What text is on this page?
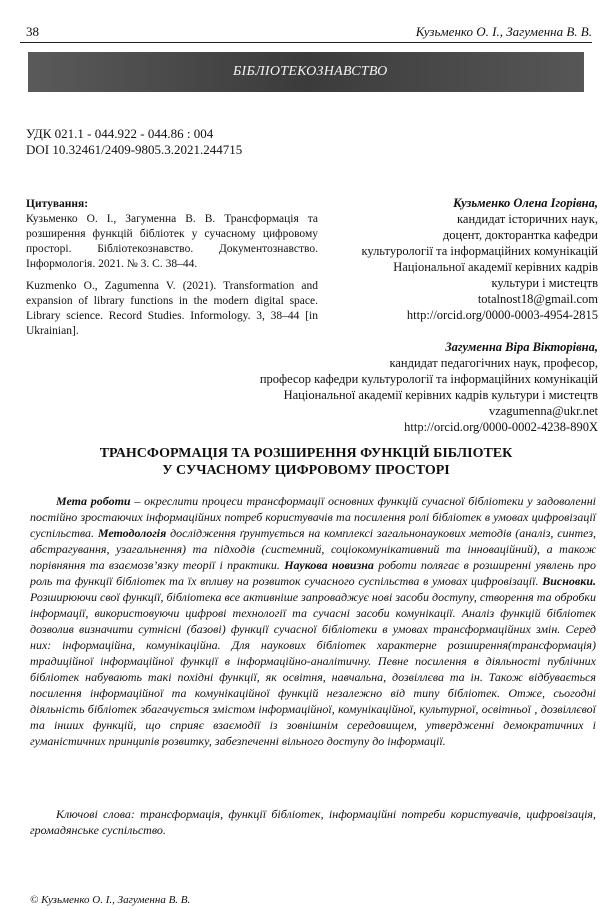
38	Кузьменко О. І., Загуменна В. В.
БІБЛІОТЕКОЗНАВСТВО
УДК 021.1 - 044.922 - 044.86 : 004
DOI 10.32461/2409-9805.3.2021.244715

Цитування:
Кузьменко О. І., Загуменна В. В. Трансформація та розширення функцій бібліотек у сучасному цифровому просторі. Бібліотекознавство. Документознавство. Інформологія. 2021. № 3. С. 38–44.

Kuzmenko O., Zagumenna V. (2021). Transformation and expansion of library functions in the modern digital space. Library science. Record Studies. Informology. 3, 38–44 [in Ukrainian].

Кузьменко Олена Ігорівна,
кандидат історичних наук,
доцент, докторантка кафедри
культурології та інформаційних комунікацій
Національної академії керівних кадрів
культури і мистецтв
totalnost18@gmail.com
http://orcid.org/0000-0003-4954-2815
Загуменна Віра Вікторівна,
кандидат педагогічних наук, професор,
професор кафедри культурології та інформаційних комунікацій
Національної академії керівних кадрів культури і мистецтв
vzagumenna@ukr.net
http://orcid.org/0000-0002-4238-890X
ТРАНСФОРМАЦІЯ ТА РОЗШИРЕННЯ ФУНКЦІЙ БІБЛІОТЕК
У СУЧАСНОМУ ЦИФРОВОМУ ПРОСТОРІ

Мета роботи – окреслити процеси трансформації основних функцій сучасної бібліотеки у задоволенні постійно зростаючих інформаційних потреб користувачів та посилення ролі бібліотек в умовах цифровізації суспільства. Методологія дослідження ґрунтується на комплексі загальнонаукових методів (аналіз, синтез, абстрагування, узагальнення) та підходів (системний, соціокомунікативний та інноваційний), а також порівняння та взаємозв’язку теорії і практики. Наукова новизна роботи полягає в розширенні уявлень про роль та функції бібліотек та їх впливу на розвиток сучасного суспільства в умовах цифровізації. Висновки. Розширюючи свої функції, бібліотека все активніше запроваджує нові засоби доступу, створення та обробки інформації, використовуючи цифрові технології та сучасні засоби комунікації. Аналіз функцій бібліотек дозволив визначити сутнісні (базові) функції сучасної бібліотеки в умовах трансформаційних змін. Серед них: інформаційна, комунікаційна. Для наукових бібліотек характерне розширення(трансформація) традиційної інформаційної функції в інформаційно-аналітичну. Певне посилення в діяльності публічних бібліотек набувають такі похідні функції, як освітня, навчальна, дозвіллєва та ін. Також відбувається посилення інформаційної та комунікаційної функцій незалежно від типу бібліотек. Отже, сьогодні діяльність бібліотек збагачується змістом інформаційної, комунікаційної, культурної, освітньої , дозвіллєвої та інших функцій, що сприяє взаємодії із зовнішнім середовищем, утвердженні демократичних і гуманістичних принципів розвитку, забезпеченні вільного доступу до інформації.

Ключові слова: трансформація, функції бібліотек, інформаційні потреби користувачів, цифровізація, громадянське суспільство.

© Кузьменко О. І., Загуменна В. В.
